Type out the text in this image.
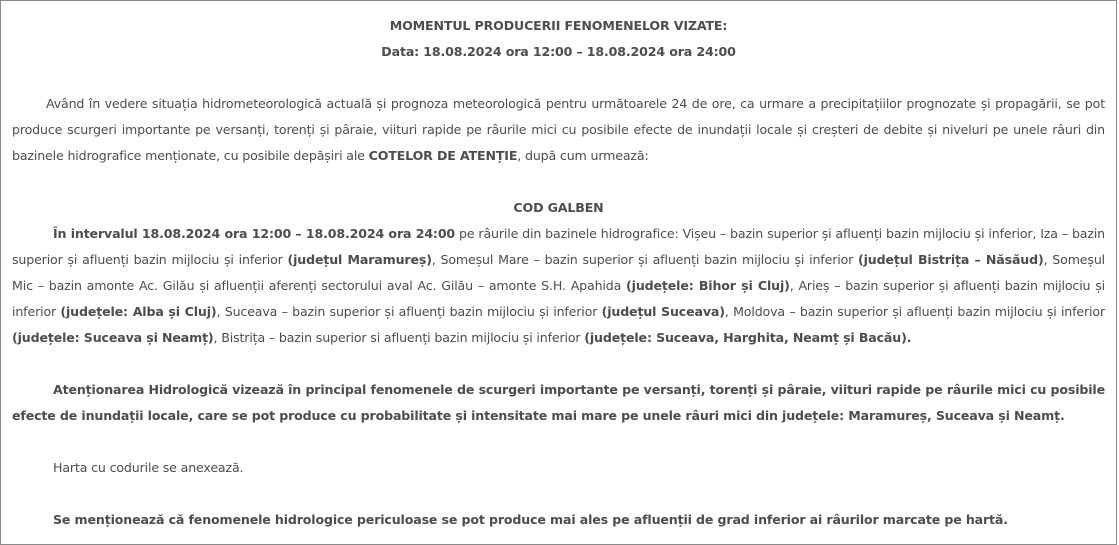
MOMENTUL PRODUCERII FENOMENELOR VIZATE:
Data: 18.08.2024 ora 12:00 – 18.08.2024 ora 24:00

Având în vedere situația hidrometeorologică actuală și prognoza meteorologică pentru următoarele 24 de ore, ca urmare a precipitațiilor prognozate și propagării, se pot produce scurgeri importante pe versanți, torenți și pâraie, viituri rapide pe râurile mici cu posibile efecte de inundații locale și creșteri de debite și niveluri pe unele râuri din bazinele hidrografice menționate, cu posibile depășiri ale COTELOR DE ATENȚIE, după cum urmează:

COD GALBEN

În intervalul 18.08.2024 ora 12:00 – 18.08.2024 ora 24:00 pe râurile din bazinele hidrografice: Vișeu – bazin superior și afluenți bazin mijlociu și inferior, Iza – bazin superior și afluenți bazin mijlociu și inferior (județul Maramureș), Someșul Mare – bazin superior și afluenți bazin mijlociu și inferior (județul Bistrița – Năsăud), Someșul Mic – bazin amonte Ac. Gilău și afluenții aferenți sectorului aval Ac. Gilău – amonte S.H. Apahida (județele: Bihor și Cluj), Arieș – bazin superior și afluenți bazin mijlociu și inferior (județele: Alba și Cluj), Suceava – bazin superior și afluenți bazin mijlociu și inferior (județul Suceava), Moldova – bazin superior și afluenți bazin mijlociu și inferior (județele: Suceava și Neamț), Bistrița – bazin superior si afluenți bazin mijlociu și inferior (județele: Suceava, Harghita, Neamț și Bacău).

Atenționarea Hidrologică vizează în principal fenomenele de scurgeri importante pe versanți, torenți și pâraie, viituri rapide pe râurile mici cu posibile efecte de inundații locale, care se pot produce cu probabilitate și intensitate mai mare pe unele râuri mici din județele: Maramureș, Suceava și Neamț.

Harta cu codurile se anexează.

Se menționează că fenomenele hidrologice periculoase se pot produce mai ales pe afluenții de grad inferior ai râurilor marcate pe hartă.
